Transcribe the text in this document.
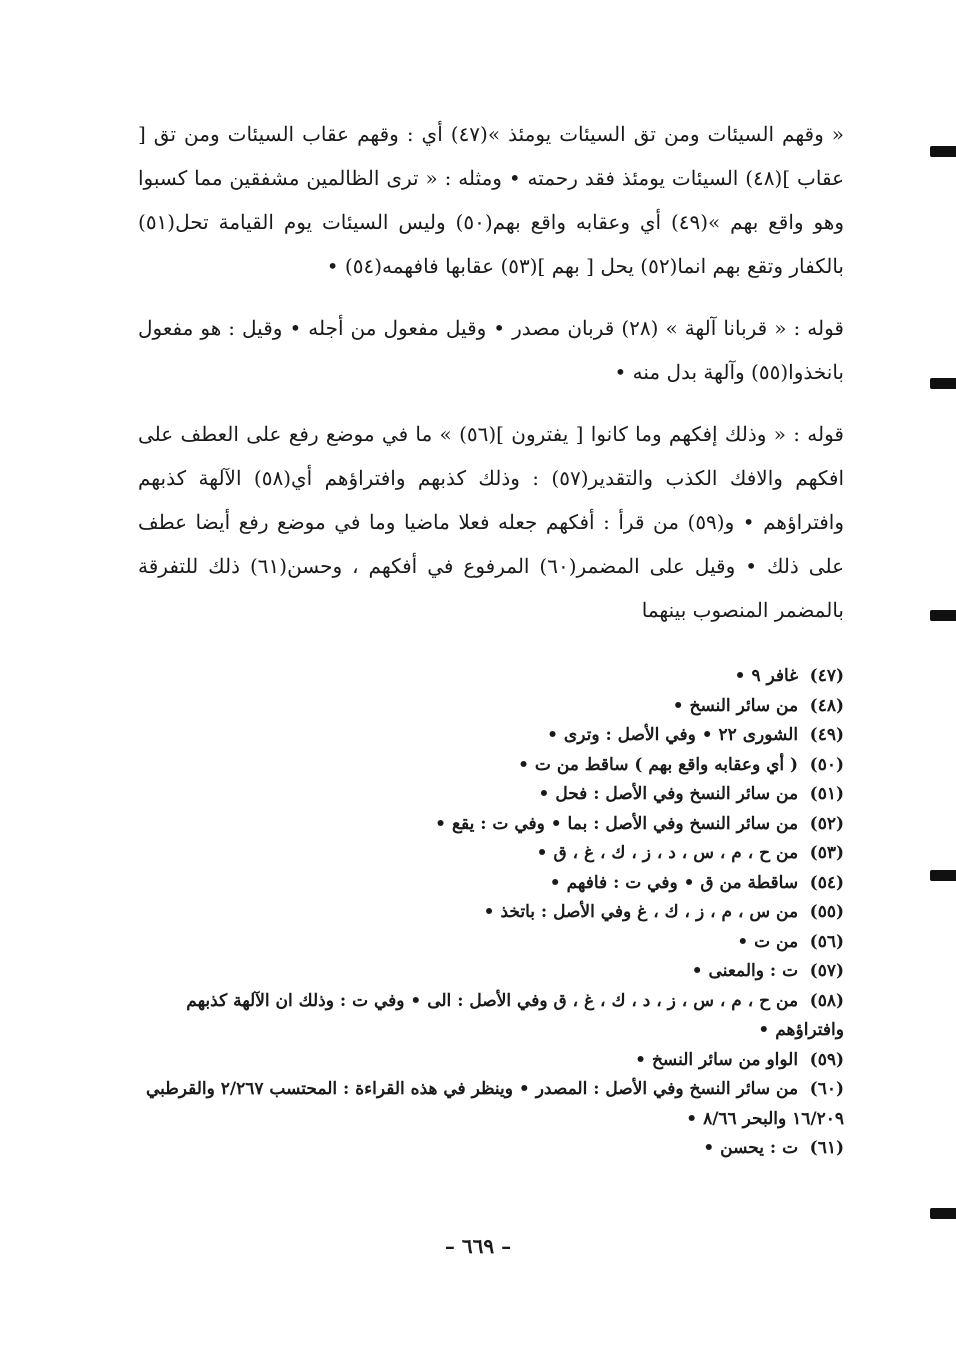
« وقهم السيئات ومن تق السيئات يومئذ »(٤٧) أي : وقهم عقاب السيئات ومن تق [ عقاب ](٤٨) السيئات يومئذ فقد رحمته • ومثله : « ترى الظالمين مشفقين مما كسبوا وهو واقع بهم »(٤٩) أي وعقابه واقع بهم(٥٠) وليس السيئات يوم القيامة تحل(٥١) بالكفار وتقع بهم انما(٥٢) يحل [ بهم ](٥٣) عقابها فافهمه(٥٤) •

قوله : « قربانا آلهة » (٢٨) قربان مصدر • وقيل مفعول من أجله • وقيل : هو مفعول بانخذوا(٥٥) وآلهة بدل منه •

قوله : « وذلك إفكهم وما كانوا [ يفترون ](٥٦) » ما في موضع رفع على العطف على افكهم والافك الكذب والتقدير(٥٧) : وذلك كذبهم وافتراؤهم أي(٥٨) الآلهة كذبهم وافتراؤهم • و(٥٩) من قرأ : أفكهم جعله فعلا ماضيا وما في موضع رفع أيضا عطف على ذلك • وقيل على المضمر(٦٠) المرفوع في أفكهم ، وحسن(٦١) ذلك للتفرقة بالمضمر المنصوب بينهما

(٤٧) غافر ٩ •
(٤٨) من سائر النسخ •
(٤٩) الشورى ٢٢ • وفي الأصل : وترى •
(٥٠) ( أي وعقابه واقع بهم ) ساقط من ت •
(٥١) من سائر النسخ وفي الأصل : فحل •
(٥٢) من سائر النسخ وفي الأصل : بما • وفي ت : يقع •
(٥٣) من ح ، م ، س ، د ، ز ، ك ، غ ، ق •
(٥٤) ساقطة من ق • وفي ت : فافهم •
(٥٥) من س ، م ، ز ، ك ، غ وفي الأصل : باتخذ •
(٥٦) من ت •
(٥٧) ت : والمعنى •
(٥٨) من ح ، م ، س ، ز ، د ، ك ، غ ، ق وفي الأصل : الى • وفي ت : وذلك ان الآلهة كذبهم وافتراؤهم •
(٥٩) الواو من سائر النسخ •
(٦٠) من سائر النسخ وفي الأصل : المصدر • وينظر في هذه القراءة : المحتسب ٢/٢٦٧ والقرطبي ١٦/٢٠٩ والبحر ٨/٦٦ •
(٦١) ت : يحسن •
– ٦٦٩ –
